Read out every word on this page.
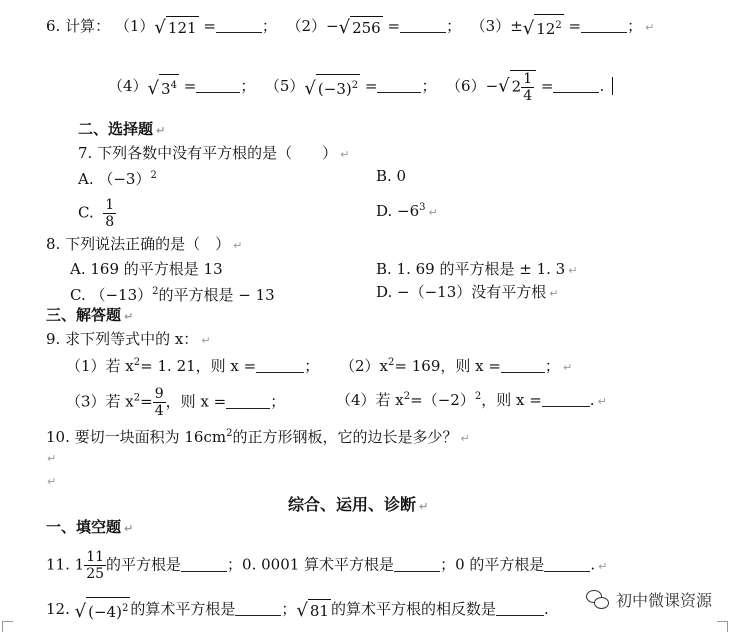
6. 计算： （1）√ 121 =	； （2）−√ 256 =	； （3）±√ $12^2$ =	； ↵
（4）√ $3^4$ =	； （5）√ $(-3)^2$ =	； （6）−√ $2 \frac{1}{4}$ =	.
二、选择题 ↵
7. 下列各数中没有平方根的是（　　） ↵
A. $(-3)^2$	B. 0
C. $\frac{1}{8}$	D. $-6^3$ ↵
8. 下列说法正确的是（　） ↵
A. 169 的平方根是 13	B. 1. 69 的平方根是 ± 1. 3 ↵
C. $(-13)^2$的平方根是 − 13	D. −（−13）没有平方根 ↵
三、解答题 ↵
9. 求下列等式中的 x： ↵
（1）若 $x^2= 1$. 21，则 x =	； $(2)x^2= 169$，则 x =	； ↵
（3）若 $x^2= \frac{9}{4}$ ，则 x =	；	（4）若 $x^2=(-2)^2$，则 x =	. ↵
10. 要切一块面积为 $16cm^2$的正方形钢板，它的边长是多少？ ↵
↵
↵
综合、运用、诊断 ↵
一、填空题 ↵
11. $1 \frac{11}{25}$ 的平方根是	；0. 0001 算术平方根是	；0 的平方根是	. ↵
12. √ $(-4)^2$ 的算术平方根是	；√ 81 的算术平方根的相反数是	.	初中微课资源
